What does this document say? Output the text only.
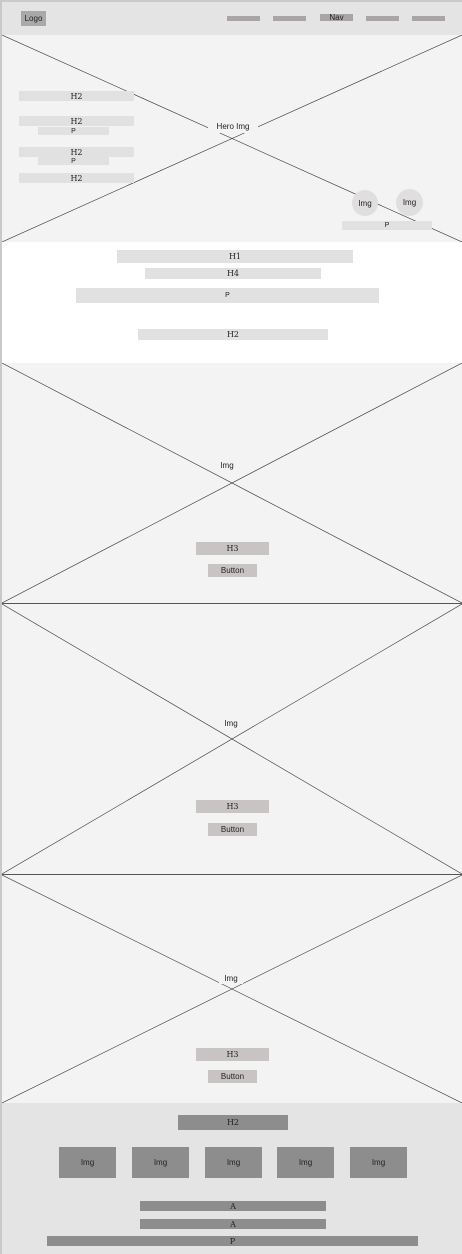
Logo	Nav
Hero Img
H2
H2
P
H2
P
H2
Img	Img
P
H1
H4
P
H2
Img
H3
Button
Img
H3
Button
Img
H3
Button
H2
Img	Img	Img	Img	Img
A
A
P
